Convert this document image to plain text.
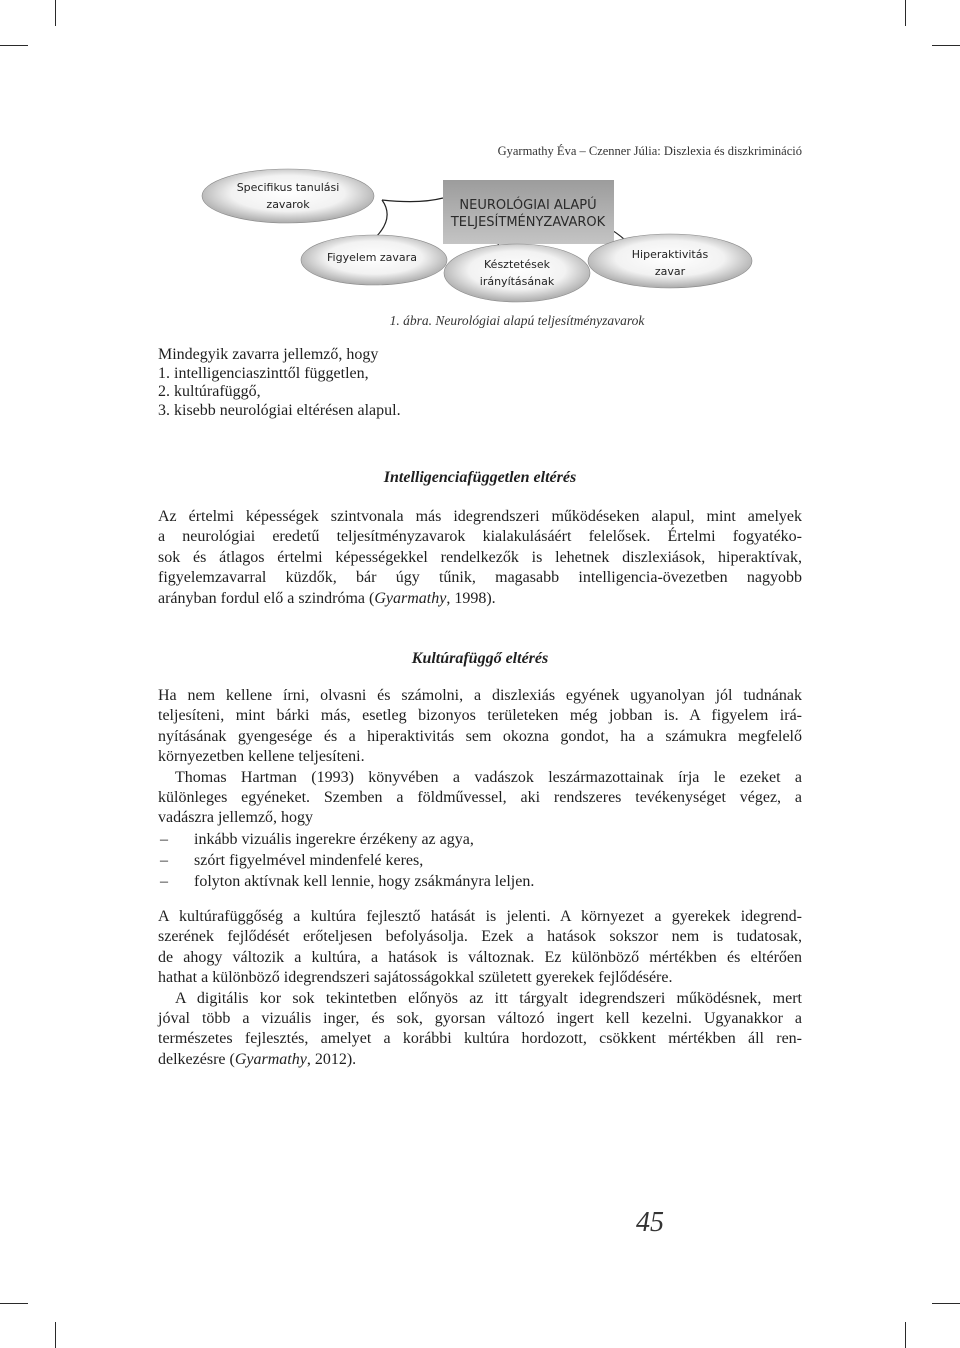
Gyarmathy Éva – Czenner Júlia: Diszlexia és diszkrimináció
NEUROLÓGIAI ALAPÚ
TELJESÍTMÉNYZAVAROK
Specifikus tanulási
zavarok
Figyelem zavara
Késztetések
irányításának
Hiperaktivitás
zavar
1. ábra. Neurológiai alapú teljesítményzavarok
Mindegyik zavarra jellemző, hogy
1. intelligenciaszinttől független,
2. kultúrafüggő,
3. kisebb neurológiai eltérésen alapul.
Intelligenciafüggetlen eltérés
Az értelmi képességek szintvonala más idegrendszeri működéseken alapul, mint amelyek
a neurológiai eredetű teljesítményzavarok kialakulásáért felelősek. Értelmi fogyatéko-
sok és átlagos értelmi képességekkel rendelkezők is lehetnek diszlexiások, hiperaktívak,
figyelemzavarral küzdők, bár úgy tűnik, magasabb intelligencia-övezetben nagyobb
arányban fordul elő a szindróma (Gyarmathy, 1998).
Kultúrafüggő eltérés
Ha nem kellene írni, olvasni és számolni, a diszlexiás egyének ugyanolyan jól tudnának
teljesíteni, mint bárki más, esetleg bizonyos területeken még jobban is. A figyelem irá-
nyításának gyengesége és a hiperaktivitás sem okozna gondot, ha a számukra megfelelő
környezetben kellene teljesíteni.
Thomas Hartman (1993) könyvében a vadászok leszármazottainak írja le ezeket a
különleges egyéneket. Szemben a földművessel, aki rendszeres tevékenységet végez, a
vadászra jellemző, hogy
– inkább vizuális ingerekre érzékeny az agya,
– szórt figyelmével mindenfelé keres,
– folyton aktívnak kell lennie, hogy zsákmányra leljen.
A kultúrafüggőség a kultúra fejlesztő hatását is jelenti. A környezet a gyerekek idegrend-
szerének fejlődését erőteljesen befolyásolja. Ezek a hatások sokszor nem is tudatosak,
de ahogy változik a kultúra, a hatások is változnak. Ez különböző mértékben és eltérően
hathat a különböző idegrendszeri sajátosságokkal született gyerekek fejlődésére.
A digitális kor sok tekintetben előnyös az itt tárgyalt idegrendszeri működésnek, mert
jóval több a vizuális inger, és sok, gyorsan változó ingert kell kezelni. Ugyanakkor a
természetes fejlesztés, amelyet a korábbi kultúra hordozott, csökkent mértékben áll ren-
delkezésre (Gyarmathy, 2012).
45
